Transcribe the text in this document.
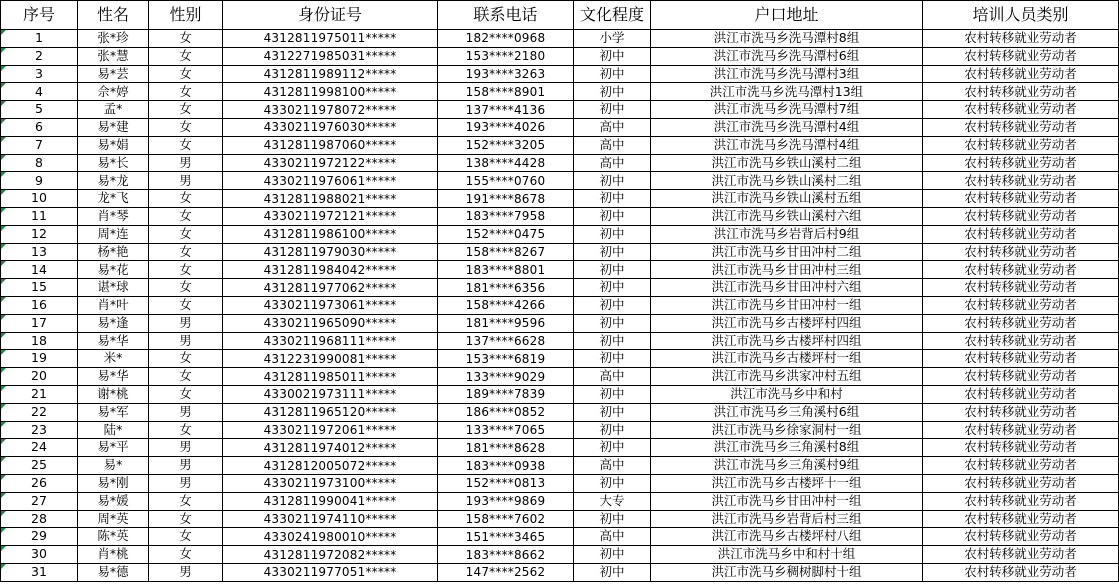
序号	性名	性别	身份证号	联系电话	文化程度	户口地址	培训人员类别
1	张*珍	女	4312811975011*****	182****0968	小学	洪江市洗马乡洗马潭村8组	农村转移就业劳动者
2	张*慧	女	4312271985031*****	153****2180	初中	洪江市洗马乡洗马潭村6组	农村转移就业劳动者
3	易*芸	女	4312811989112*****	193****3263	初中	洪江市洗马乡洗马潭村3组	农村转移就业劳动者
4	佘*婷	女	4312811998100*****	158****8901	初中	洪江市洗马乡洗马潭村13组	农村转移就业劳动者
5	孟*	女	4330211978072*****	137****4136	初中	洪江市洗马乡洗马潭村7组	农村转移就业劳动者
6	易*建	女	4330211976030*****	193****4026	高中	洪江市洗马乡洗马潭村4组	农村转移就业劳动者
7	易*娟	女	4312811987060*****	152****3205	高中	洪江市洗马乡洗马潭村4组	农村转移就业劳动者
8	易*长	男	4330211972122*****	138****4428	高中	洪江市洗马乡铁山溪村二组	农村转移就业劳动者
9	易*龙	男	4330211976061*****	155****0760	初中	洪江市洗马乡铁山溪村二组	农村转移就业劳动者
10	龙*飞	女	4312811988021*****	191****8678	初中	洪江市洗马乡铁山溪村五组	农村转移就业劳动者
11	肖*琴	女	4330211972121*****	183****7958	初中	洪江市洗马乡铁山溪村六组	农村转移就业劳动者
12	周*连	女	4312811986100*****	152****0475	初中	洪江市洗马乡岩背后村9组	农村转移就业劳动者
13	杨*艳	女	4312811979030*****	158****8267	初中	洪江市洗马乡甘田冲村二组	农村转移就业劳动者
14	易*花	女	4312811984042*****	183****8801	初中	洪江市洗马乡甘田冲村三组	农村转移就业劳动者
15	谌*球	女	4312811977062*****	181****6356	初中	洪江市洗马乡甘田冲村六组	农村转移就业劳动者
16	肖*叶	女	4330211973061*****	158****4266	初中	洪江市洗马乡甘田冲村一组	农村转移就业劳动者
17	易*逢	男	4330211965090*****	181****9596	初中	洪江市洗马乡古楼坪村四组	农村转移就业劳动者
18	易*华	男	4330211968111*****	137****6628	初中	洪江市洗马乡古楼坪村四组	农村转移就业劳动者
19	米*	女	4312231990081*****	153****6819	初中	洪江市洗马乡古楼坪村一组	农村转移就业劳动者
20	易*华	女	4312811985011*****	133****9029	高中	洪江市洗马乡洪家冲村五组	农村转移就业劳动者
21	谢*桃	女	4330021973111*****	189****7839	初中	洪江市洗马乡中和村	农村转移就业劳动者
22	易*军	男	4312811965120*****	186****0852	初中	洪江市洗马乡三角溪村6组	农村转移就业劳动者
23	陆*	女	4330211972061*****	133****7065	初中	洪江市洗马乡徐家洞村一组	农村转移就业劳动者
24	易*平	男	4312811974012*****	181****8628	初中	洪江市洗马乡三角溪村8组	农村转移就业劳动者
25	易*	男	4312812005072*****	183****0938	高中	洪江市洗马乡三角溪村9组	农村转移就业劳动者
26	易*刚	男	4330211973100*****	152****0813	初中	洪江市洗马乡古楼坪十一组	农村转移就业劳动者
27	易*媛	女	4312811990041*****	193****9869	大专	洪江市洗马乡甘田冲村一组	农村转移就业劳动者
28	周*英	女	4330211974110*****	158****7602	初中	洪江市洗马乡岩背后村三组	农村转移就业劳动者
29	陈*英	女	4330241980010*****	151****3465	高中	洪江市洗马乡古楼坪村八组	农村转移就业劳动者
30	肖*桃	女	4312811972082*****	183****8662	初中	洪江市洗马乡中和村十组	农村转移就业劳动者
31	易*德	男	4330211977051*****	147****2562	初中	洪江市洗马乡稠树脚村十组	农村转移就业劳动者
